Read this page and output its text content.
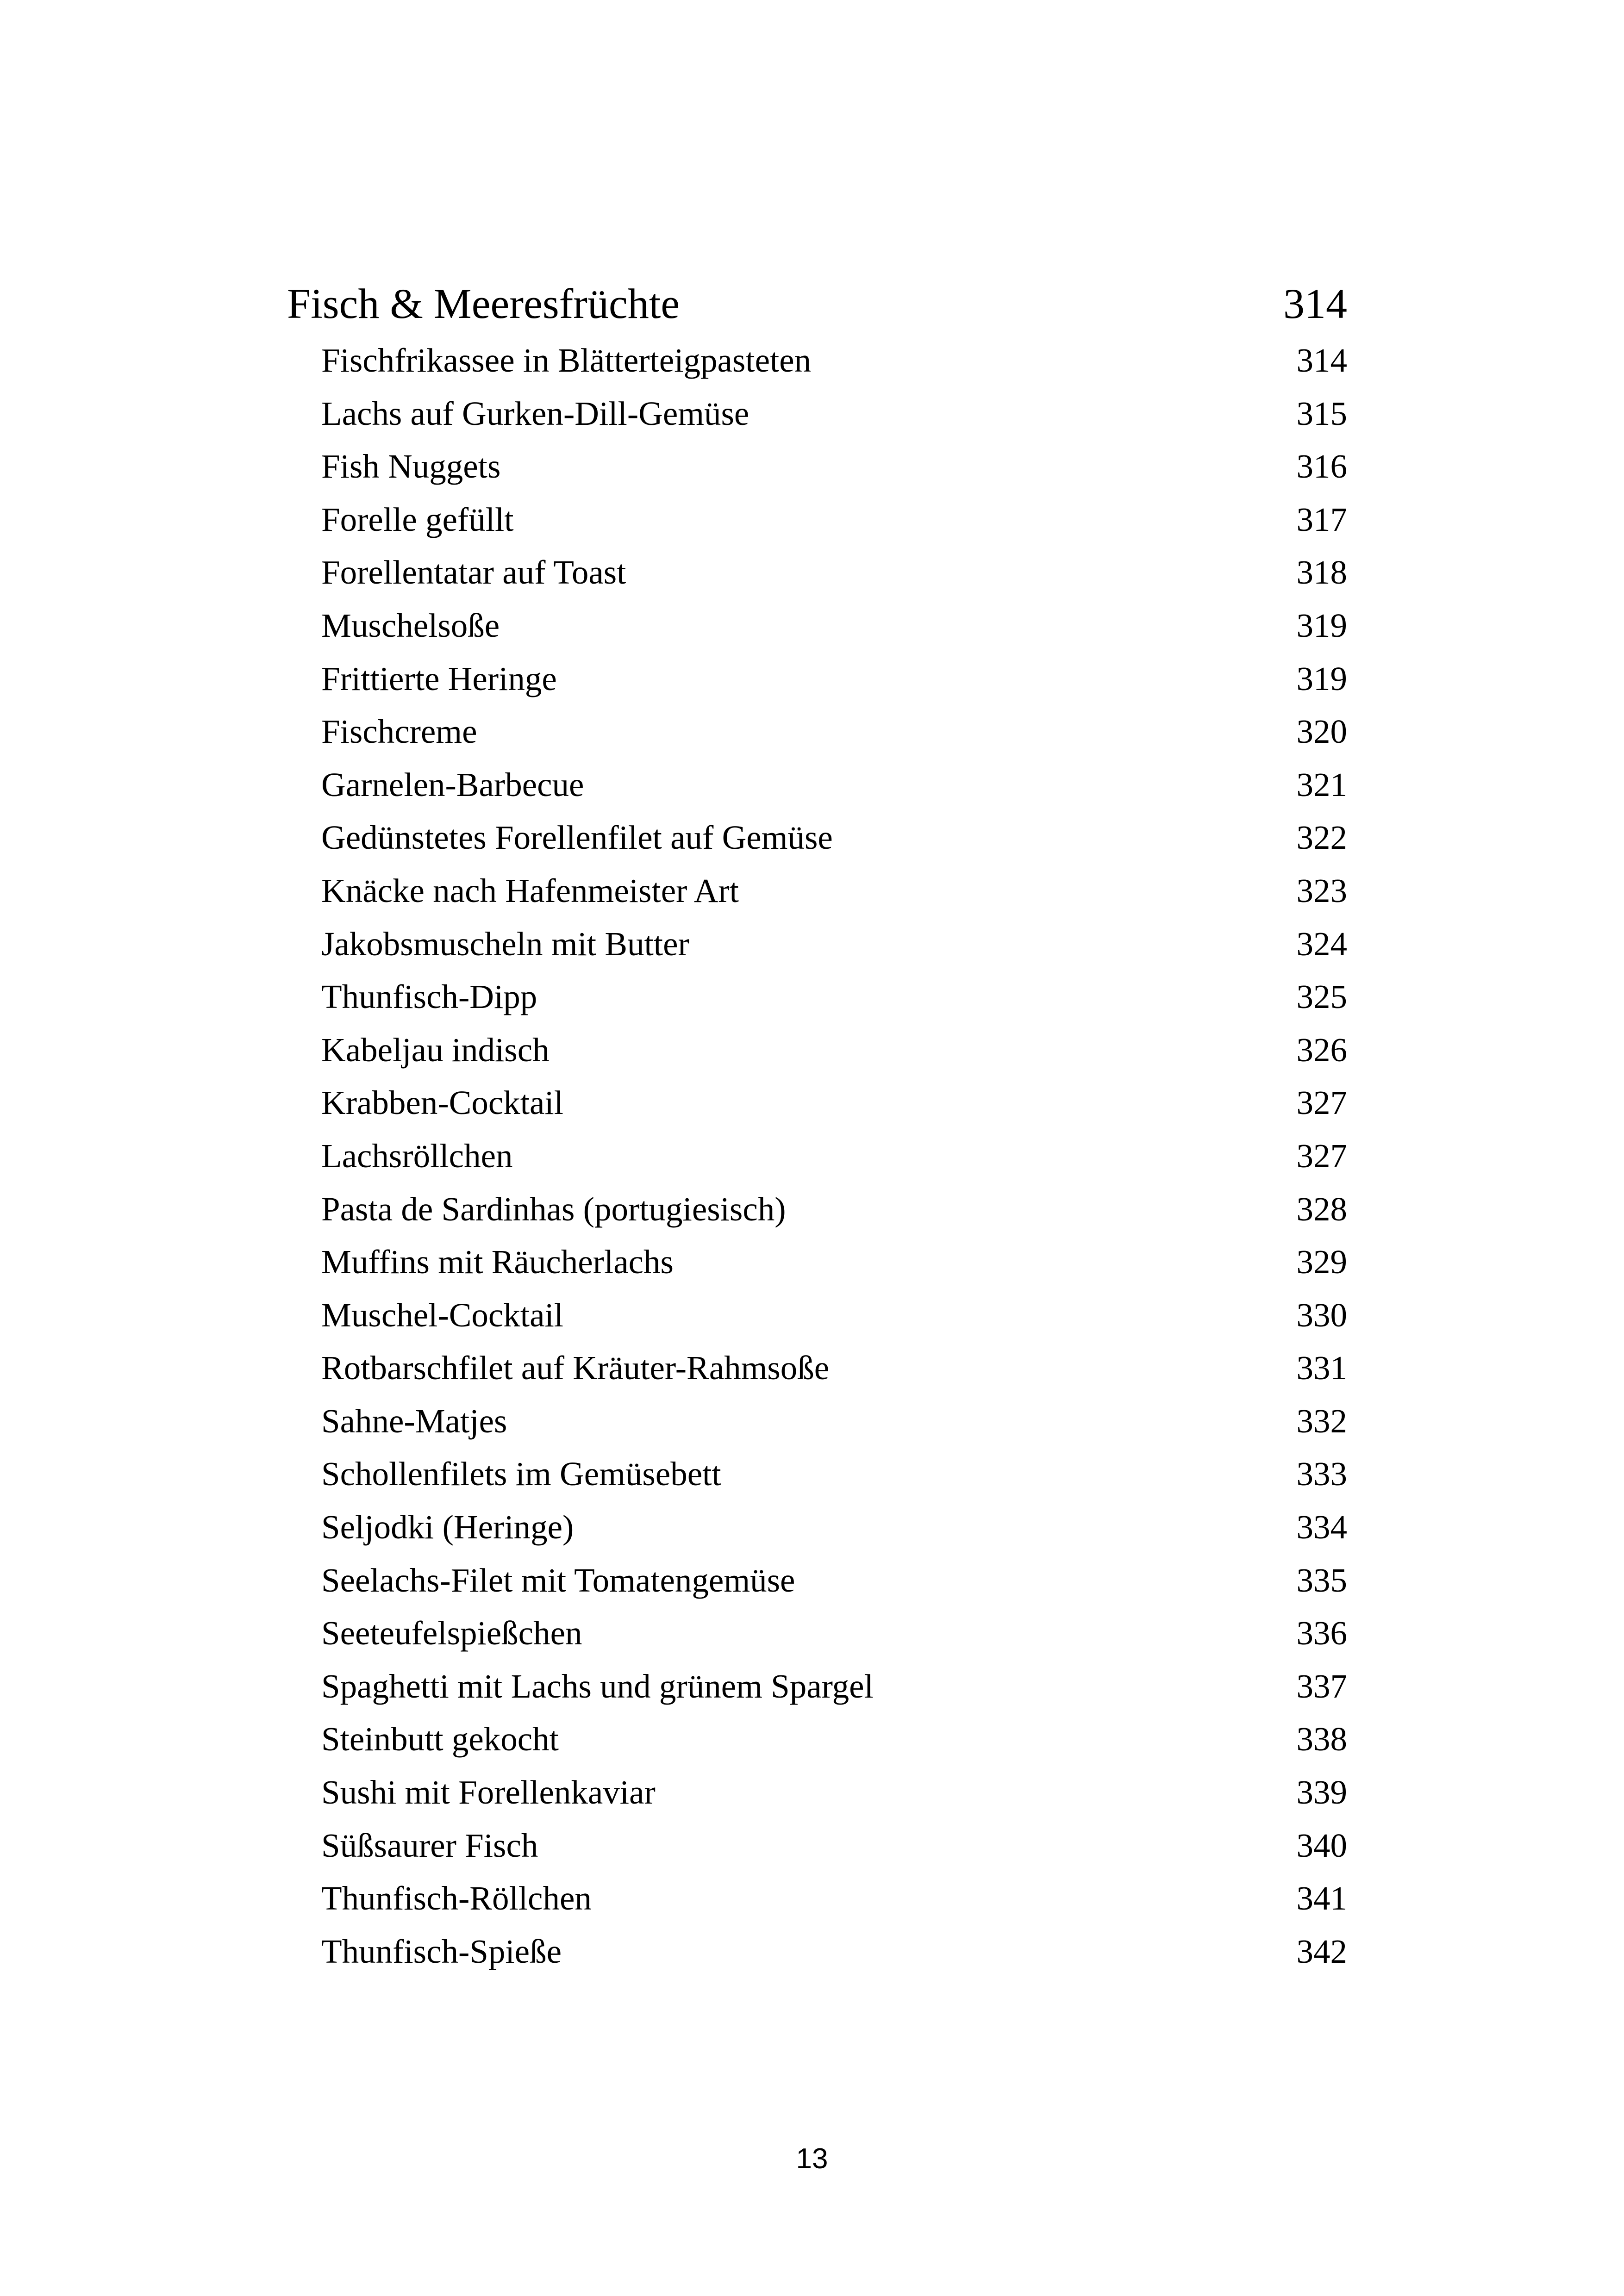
Fisch & Meeresfrüchte	314
Fischfrikassee in Blätterteigpasteten	314
Lachs auf Gurken-Dill-Gemüse	315
Fish Nuggets	316
Forelle gefüllt	317
Forellentatar auf Toast	318
Muschelsoße	319
Frittierte Heringe	319
Fischcreme	320
Garnelen-Barbecue	321
Gedünstetes Forellenfilet auf Gemüse	322
Knäcke nach Hafenmeister Art	323
Jakobsmuscheln mit Butter	324
Thunfisch-Dipp	325
Kabeljau indisch	326
Krabben-Cocktail	327
Lachsröllchen	327
Pasta de Sardinhas (portugiesisch)	328
Muffins mit Räucherlachs	329
Muschel-Cocktail	330
Rotbarschfilet auf Kräuter-Rahmsoße	331
Sahne-Matjes	332
Schollenfilets im Gemüsebett	333
Seljodki (Heringe)	334
Seelachs-Filet mit Tomatengemüse	335
Seeteufelspießchen	336
Spaghetti mit Lachs und grünem Spargel	337
Steinbutt gekocht	338
Sushi mit Forellenkaviar	339
Süßsaurer Fisch	340
Thunfisch-Röllchen	341
Thunfisch-Spieße	342
13
